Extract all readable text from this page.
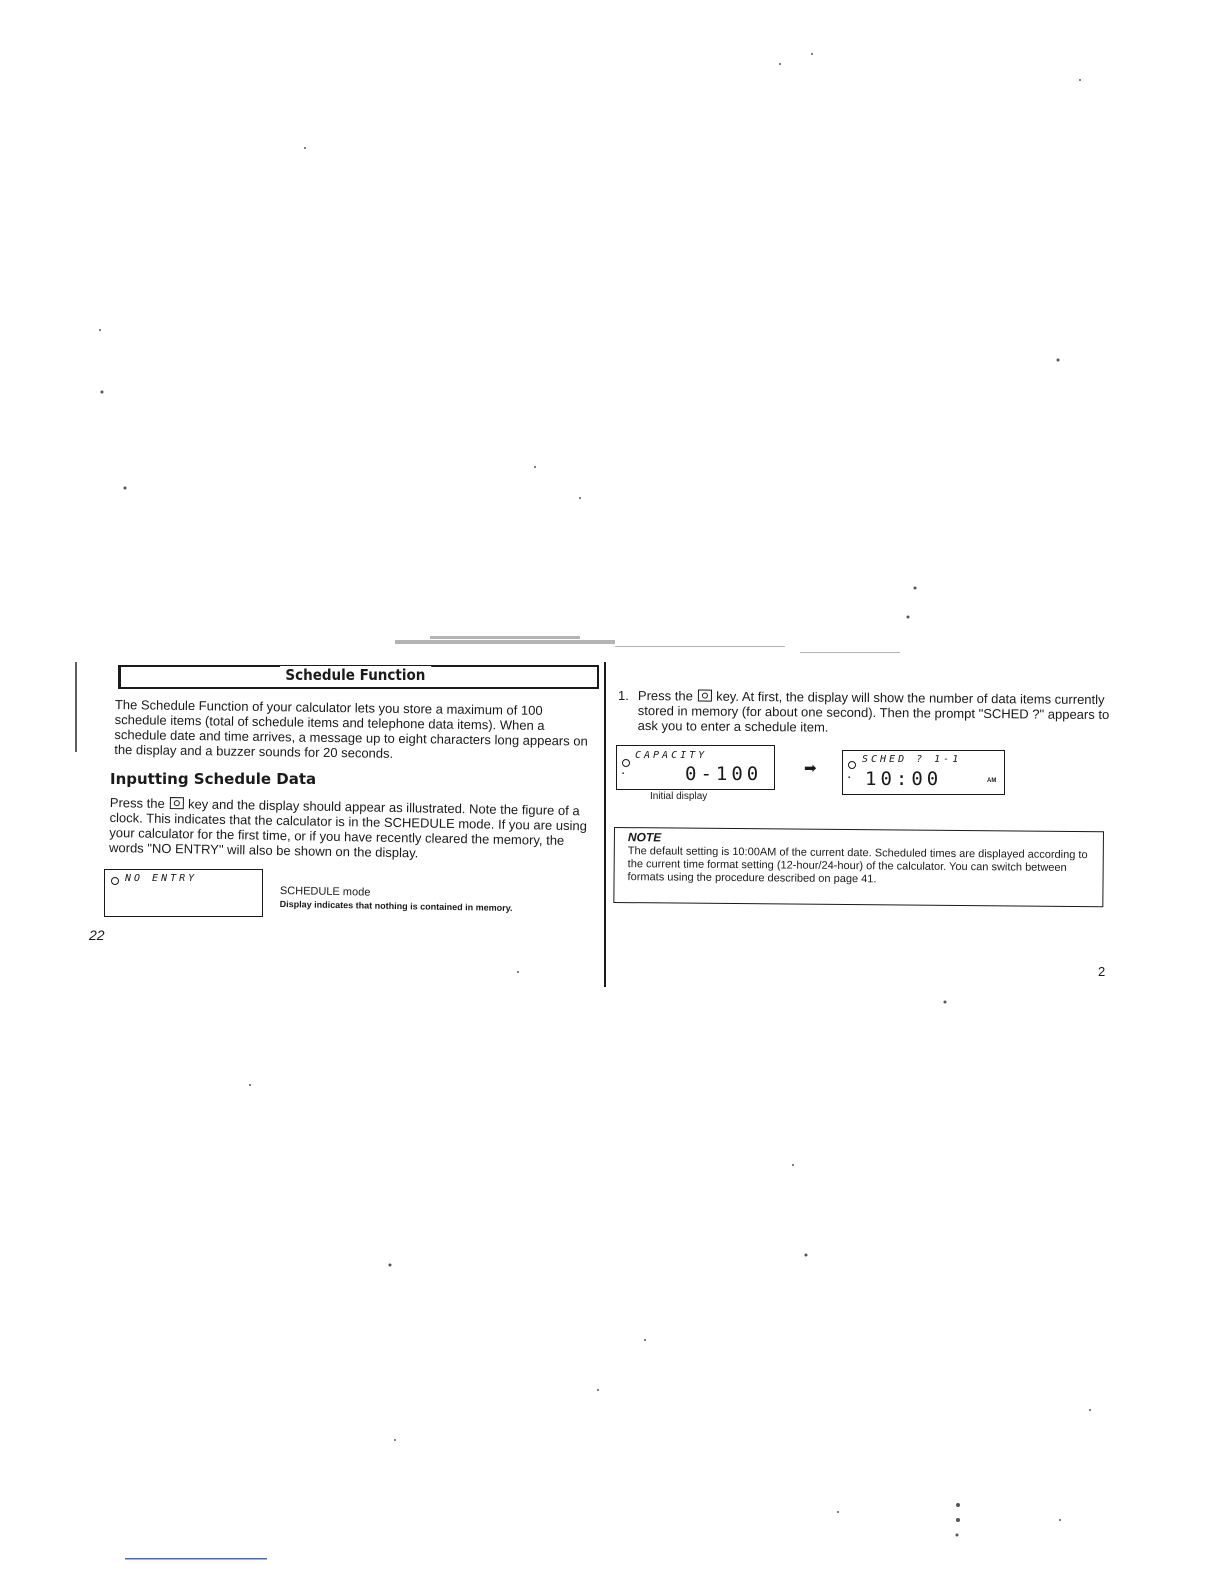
Schedule Function
The Schedule Function of your calculator lets you store a maximum of 100 schedule items (total of schedule items and telephone data items). When a schedule date and time arrives, a message up to eight characters long appears on the display and a buzzer sounds for 20 seconds.
Inputting Schedule Data
Press the key and the display should appear as illustrated. Note the figure of a clock. This indicates that the calculator is in the SCHEDULE mode. If you are using your calculator for the first time, or if you have recently cleared the memory, the words "NO ENTRY" will also be shown on the display.
NO ENTRY
SCHEDULE mode
Display indicates that nothing is contained in memory.
22
1. Press the key. At first, the display will show the number of data items currently stored in memory (for about one second). Then the prompt "SCHED ?" appears to ask you to enter a schedule item.
▪
CAPACITY
0-100
Initial display
➡
▪
SCHED ? 1-1
10:00	AM
NOTE
The default setting is 10:00AM of the current date. Scheduled times are displayed according to the current time format setting (12-hour/24-hour) of the calculator. You can switch between formats using the procedure described on page 41.
2
